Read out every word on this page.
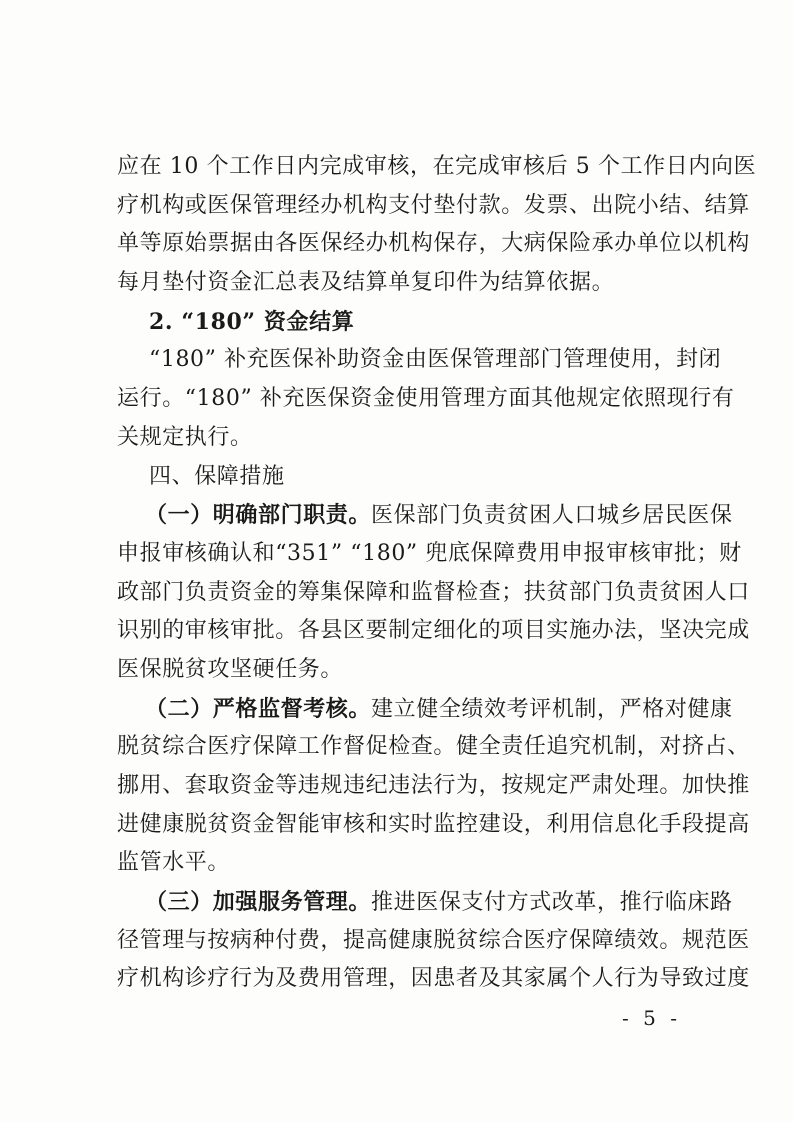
应在 10 个工作日内完成审核，在完成审核后 5 个工作日内向医
疗机构或医保管理经办机构支付垫付款。发票、出院小结、结算
单等原始票据由各医保经办机构保存，大病保险承办单位以机构
每月垫付资金汇总表及结算单复印件为结算依据。
2. “180” 资金结算
“180” 补充医保补助资金由医保管理部门管理使用，封闭
运行。“180” 补充医保资金使用管理方面其他规定依照现行有
关规定执行。
四、保障措施
（一）明确部门职责。医保部门负责贫困人口城乡居民医保
申报审核确认和“351” “180” 兜底保障费用申报审核审批；财
政部门负责资金的筹集保障和监督检查；扶贫部门负责贫困人口
识别的审核审批。各县区要制定细化的项目实施办法，坚决完成
医保脱贫攻坚硬任务。
（二）严格监督考核。建立健全绩效考评机制，严格对健康
脱贫综合医疗保障工作督促检查。健全责任追究机制，对挤占、
挪用、套取资金等违规违纪违法行为，按规定严肃处理。加快推
进健康脱贫资金智能审核和实时监控建设，利用信息化手段提高
监管水平。
（三）加强服务管理。推进医保支付方式改革，推行临床路
径管理与按病种付费，提高健康脱贫综合医疗保障绩效。规范医
疗机构诊疗行为及费用管理，因患者及其家属个人行为导致过度
- 5 -
